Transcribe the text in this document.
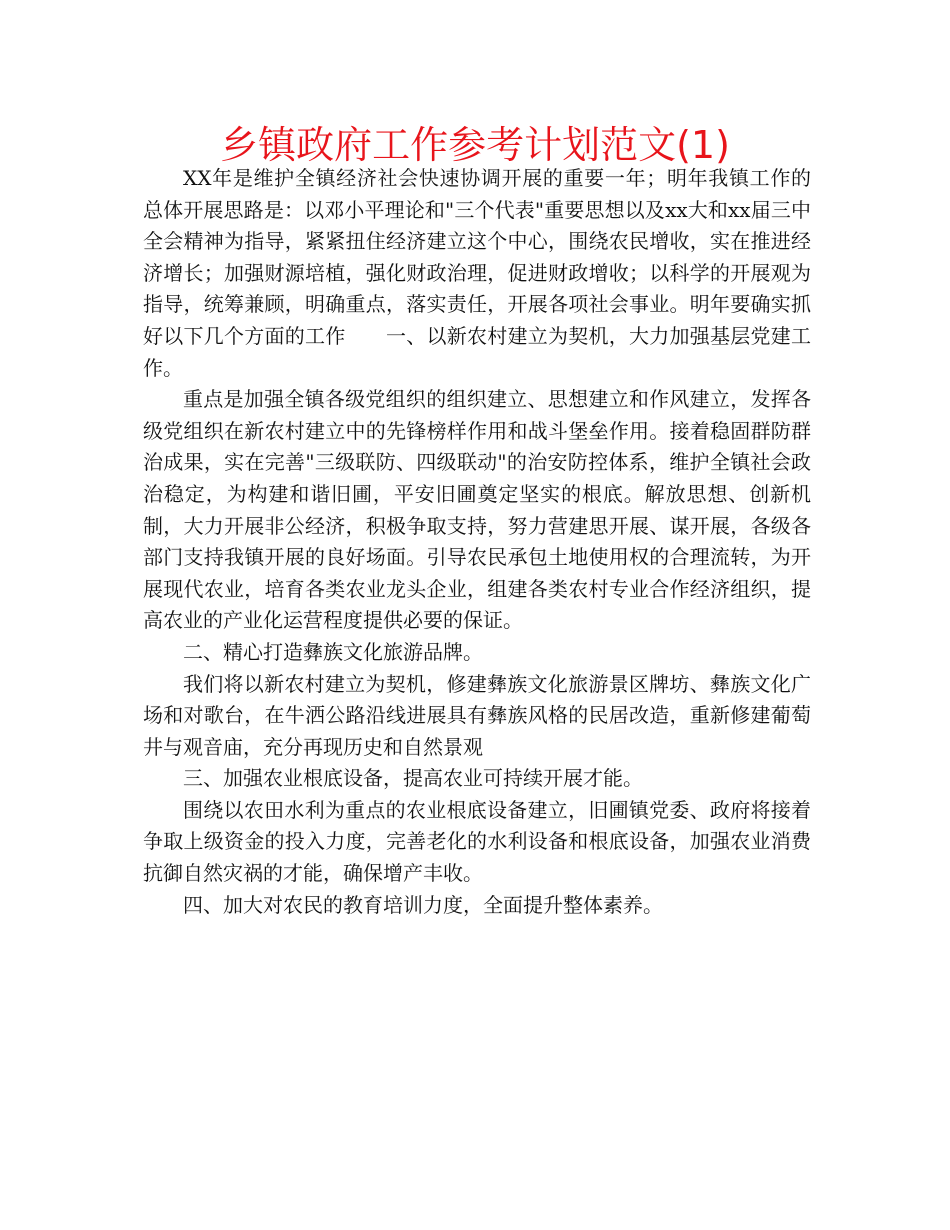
乡镇政府工作参考计划范文(1)

XX年是维护全镇经济社会快速协调开展的重要一年；明年我镇工作的总体开展思路是：以邓小平理论和"三个代表"重要思想以及xx大和xx届三中全会精神为指导，紧紧扭住经济建立这个中心，围绕农民增收，实在推进经济增长；加强财源培植，强化财政治理，促进财政增收；以科学的开展观为指导，统筹兼顾，明确重点，落实责任，开展各项社会事业。明年要确实抓好以下几个方面的工作　　一、以新农村建立为契机，大力加强基层党建工作。

重点是加强全镇各级党组织的组织建立、思想建立和作风建立，发挥各级党组织在新农村建立中的先锋榜样作用和战斗堡垒作用。接着稳固群防群治成果，实在完善"三级联防、四级联动"的治安防控体系，维护全镇社会政治稳定，为构建和谐旧圃，平安旧圃奠定坚实的根底。解放思想、创新机制，大力开展非公经济，积极争取支持，努力营建思开展、谋开展，各级各部门支持我镇开展的良好场面。引导农民承包土地使用权的合理流转，为开展现代农业，培育各类农业龙头企业，组建各类农村专业合作经济组织，提高农业的产业化运营程度提供必要的保证。

二、精心打造彝族文化旅游品牌。

我们将以新农村建立为契机，修建彝族文化旅游景区牌坊、彝族文化广场和对歌台，在牛洒公路沿线进展具有彝族风格的民居改造，重新修建葡萄井与观音庙，充分再现历史和自然景观

三、加强农业根底设备，提高农业可持续开展才能。

围绕以农田水利为重点的农业根底设备建立，旧圃镇党委、政府将接着争取上级资金的投入力度，完善老化的水利设备和根底设备，加强农业消费抗御自然灾祸的才能，确保增产丰收。

四、加大对农民的教育培训力度，全面提升整体素养。
